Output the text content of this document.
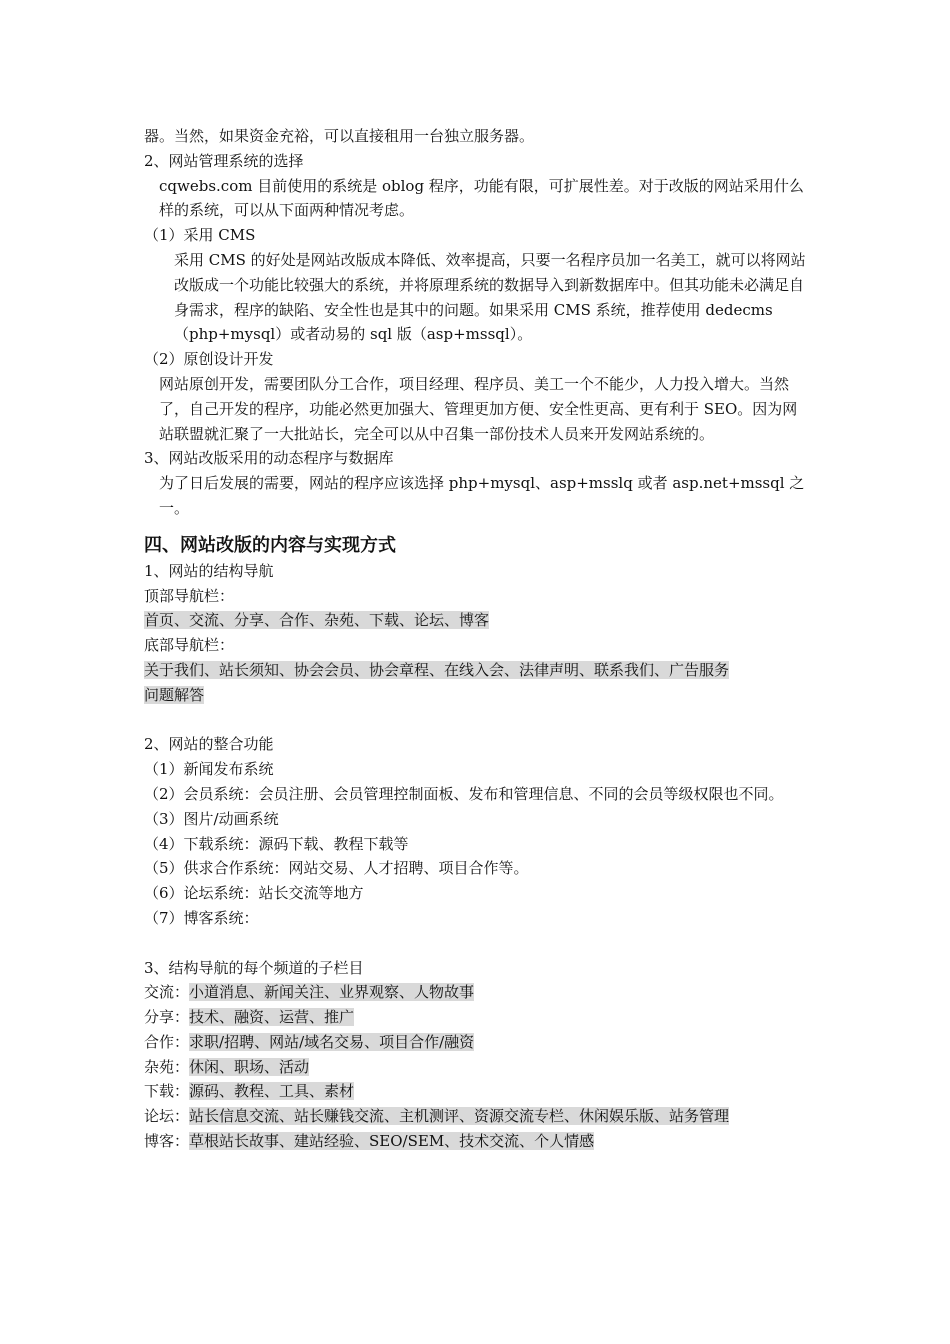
器。当然，如果资金充裕，可以直接租用一台独立服务器。
2、网站管理系统的选择
cqwebs.com 目前使用的系统是 oblog 程序，功能有限，可扩展性差。对于改版的网站采用什么样的系统，可以从下面两种情况考虑。
（1）采用 CMS
采用 CMS 的好处是网站改版成本降低、效率提高，只要一名程序员加一名美工，就可以将网站改版成一个功能比较强大的系统，并将原理系统的数据导入到新数据库中。但其功能未必满足自身需求，程序的缺陷、安全性也是其中的问题。如果采用 CMS 系统，推荐使用 dedecms（php+mysql）或者动易的 sql 版（asp+mssql）。
（2）原创设计开发
网站原创开发，需要团队分工合作，项目经理、程序员、美工一个不能少，人力投入增大。当然了，自己开发的程序，功能必然更加强大、管理更加方便、安全性更高、更有利于 SEO。因为网站联盟就汇聚了一大批站长，完全可以从中召集一部份技术人员来开发网站系统的。
3、网站改版采用的动态程序与数据库
为了日后发展的需要，网站的程序应该选择 php+mysql、asp+msslq 或者 asp.net+mssql 之一。
四、网站改版的内容与实现方式
1、网站的结构导航
顶部导航栏：
首页、交流、分享、合作、杂苑、下载、论坛、博客
底部导航栏：
关于我们、站长须知、协会会员、协会章程、在线入会、法律声明、联系我们、广告服务
问题解答
2、网站的整合功能
（1）新闻发布系统
（2）会员系统：会员注册、会员管理控制面板、发布和管理信息、不同的会员等级权限也不同。
（3）图片/动画系统
（4）下载系统：源码下载、教程下载等
（5）供求合作系统：网站交易、人才招聘、项目合作等。
（6）论坛系统：站长交流等地方
（7）博客系统：
3、结构导航的每个频道的子栏目
交流：小道消息、新闻关注、业界观察、人物故事
分享：技术、融资、运营、推广
合作：求职/招聘、网站/域名交易、项目合作/融资
杂苑：休闲、职场、活动
下载：源码、教程、工具、素材
论坛：站长信息交流、站长赚钱交流、主机测评、资源交流专栏、休闲娱乐版、站务管理
博客：草根站长故事、建站经验、SEO/SEM、技术交流、个人情感
